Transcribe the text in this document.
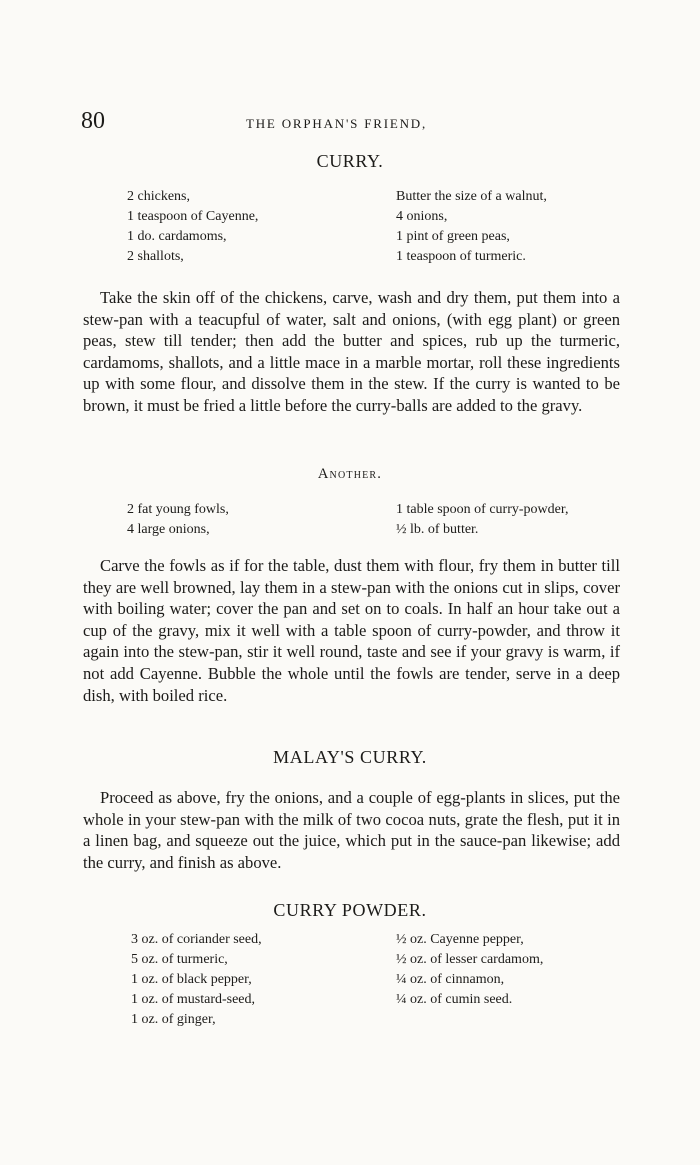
80	THE ORPHAN'S FRIEND,
CURRY.
2 chickens,
1 teaspoon of Cayenne,
1 do. cardamoms,
2 shallots,
Butter the size of a walnut,
4 onions,
1 pint of green peas,
1 teaspoon of turmeric.

Take the skin off of the chickens, carve, wash and dry them, put them into a stew-pan with a teacupful of water, salt and onions, (with egg plant) or green peas, stew till tender; then add the butter and spices, rub up the turmeric, cardamoms, shallots, and a little mace in a marble mortar, roll these ingredients up with some flour, and dissolve them in the stew. If the curry is wanted to be brown, it must be fried a little before the curry-balls are added to the gravy.

Another.
2 fat young fowls,
4 large onions,
1 table spoon of curry-powder,
½ lb. of butter.

Carve the fowls as if for the table, dust them with flour, fry them in butter till they are well browned, lay them in a stew-pan with the onions cut in slips, cover with boiling water; cover the pan and set on to coals. In half an hour take out a cup of the gravy, mix it well with a table spoon of curry-powder, and throw it again into the stew-pan, stir it well round, taste and see if your gravy is warm, if not add Cayenne. Bubble the whole until the fowls are tender, serve in a deep dish, with boiled rice.

MALAY'S CURRY.

Proceed as above, fry the onions, and a couple of egg-plants in slices, put the whole in your stew-pan with the milk of two cocoa nuts, grate the flesh, put it in a linen bag, and squeeze out the juice, which put in the sauce-pan likewise; add the curry, and finish as above.

CURRY POWDER.
3 oz. of coriander seed,
5 oz. of turmeric,
1 oz. of black pepper,
1 oz. of mustard-seed,
1 oz. of ginger,
½ oz. Cayenne pepper,
½ oz. of lesser cardamom,
¼ oz. of cinnamon,
¼ oz. of cumin seed.
